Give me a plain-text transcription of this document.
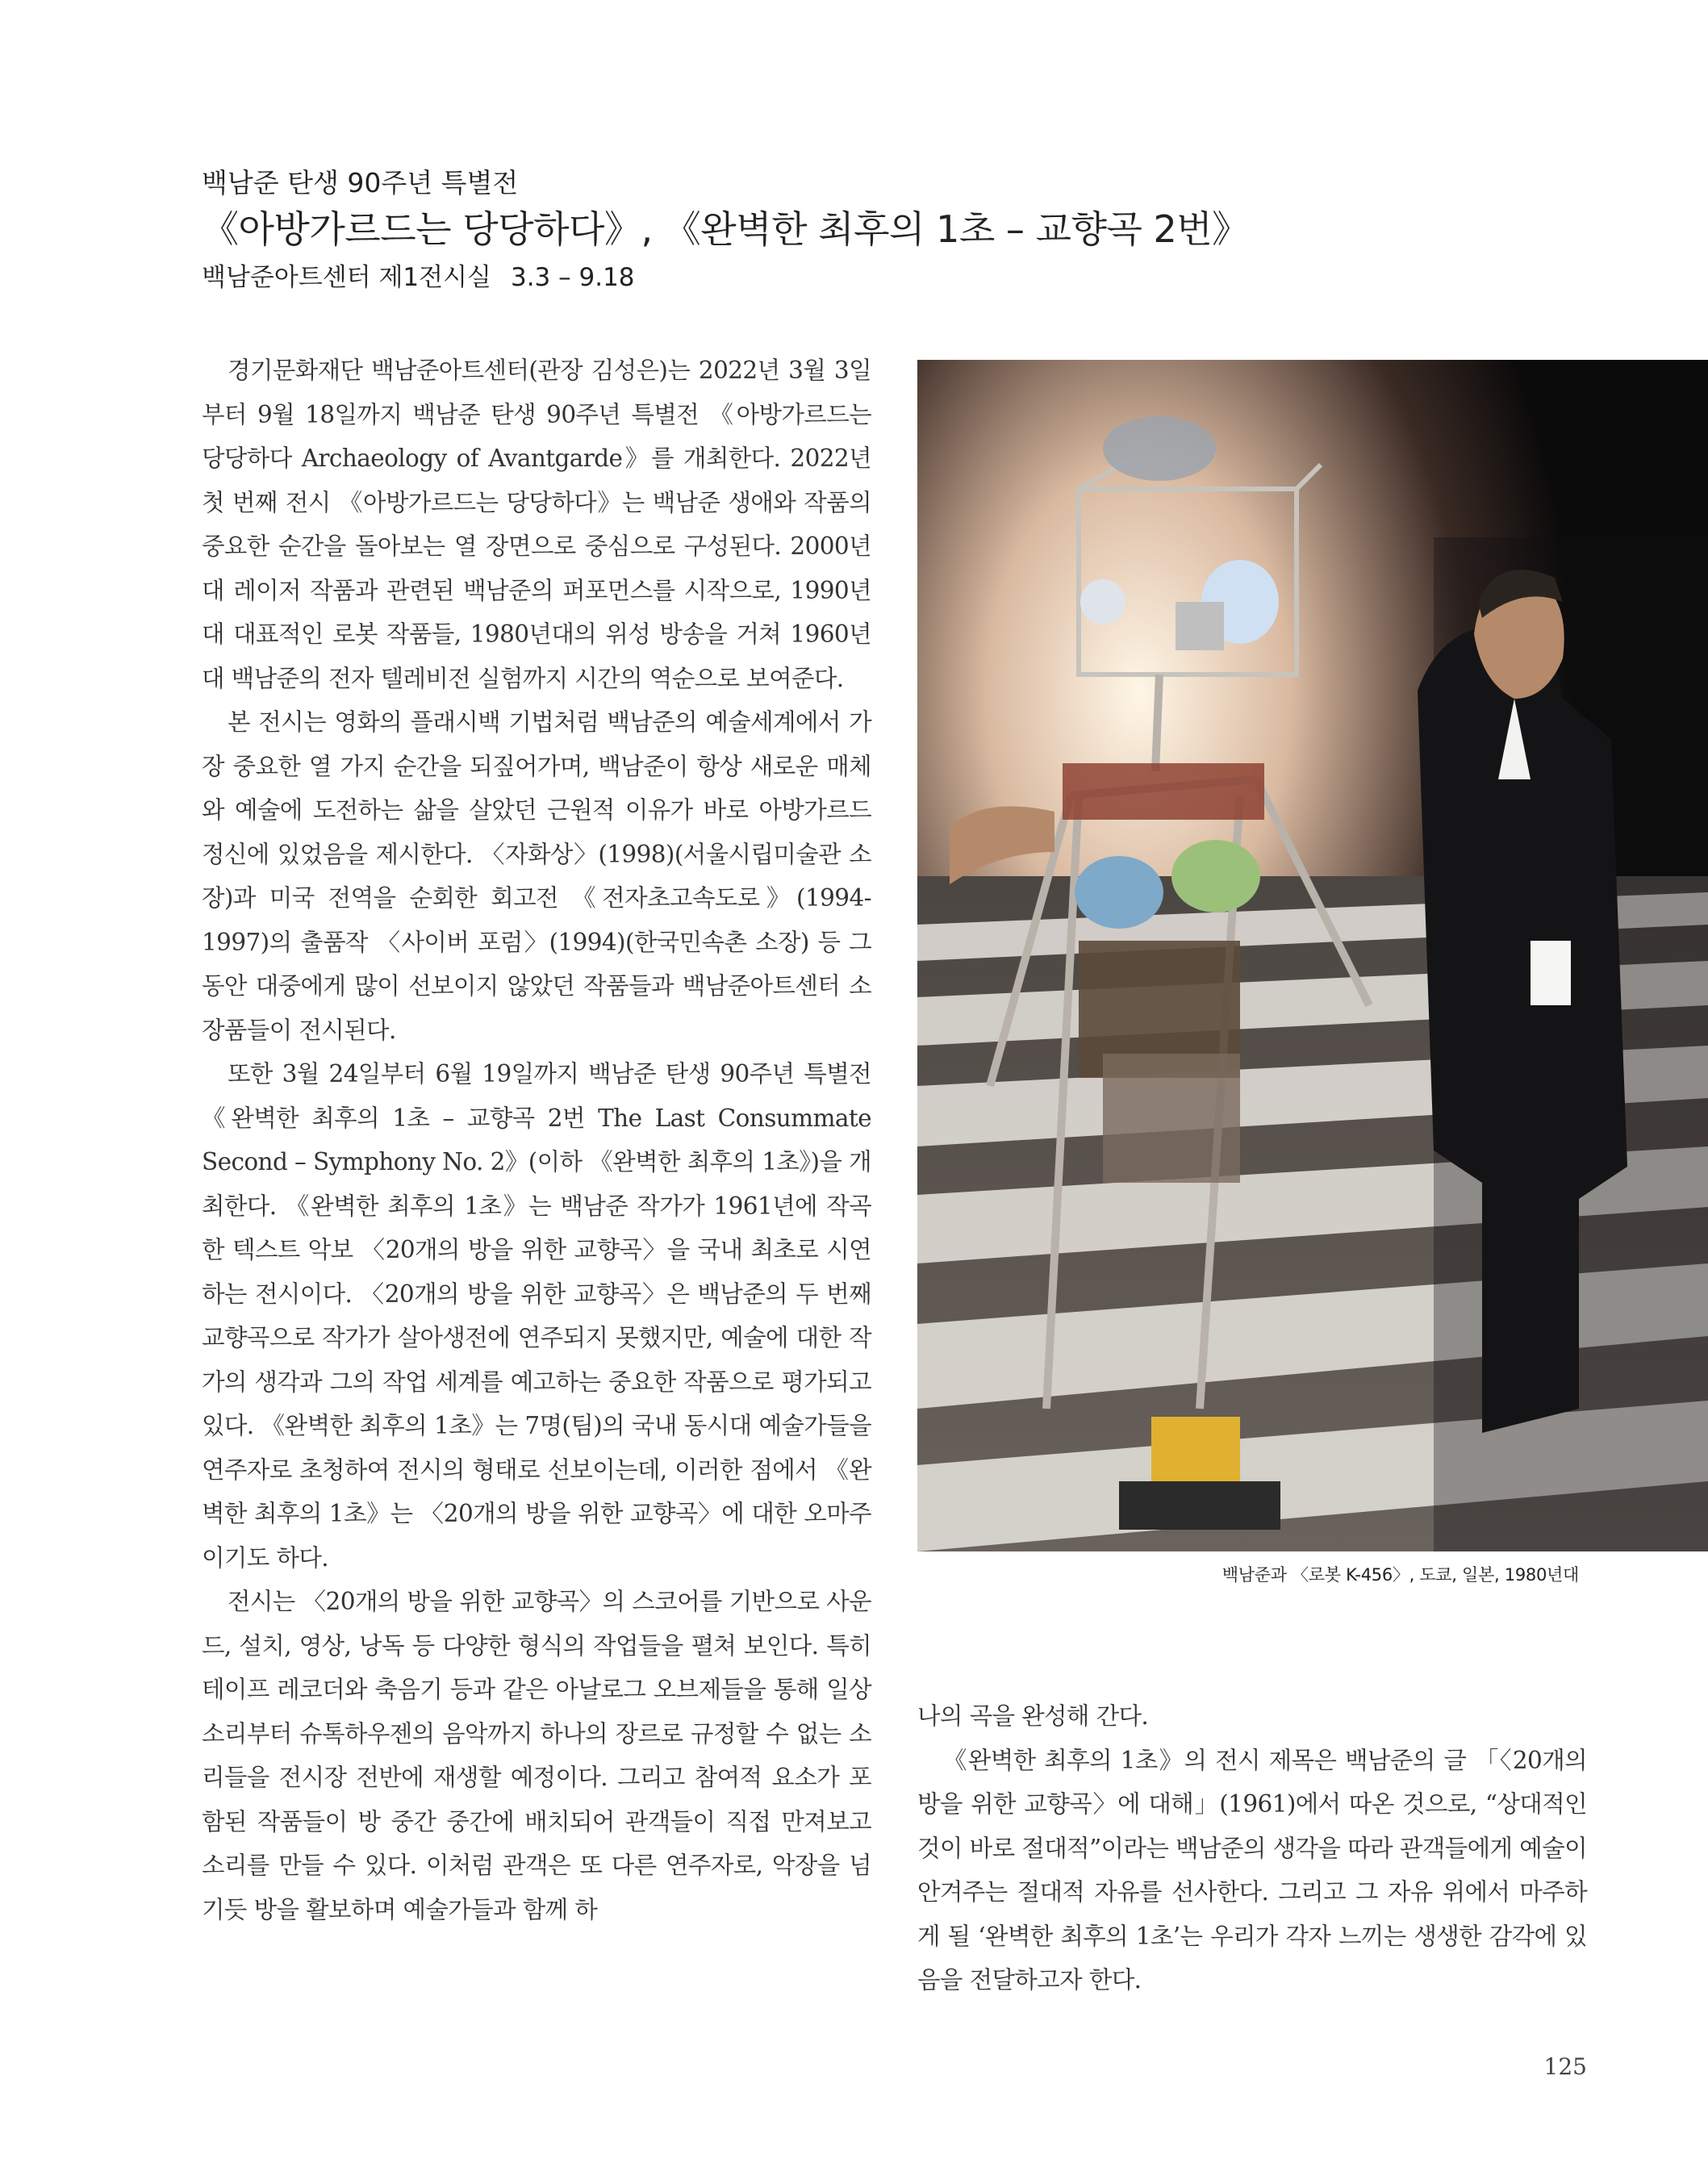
백남준 탄생 90주년 특별전

《아방가르드는 당당하다》, 《완벽한 최후의 1초 – 교향곡 2번》

백남준아트센터 제1전시실 3.3 – 9.18

경기문화재단 백남준아트센터(관장 김성은)는 2022년 3월 3일부터 9월 18일까지 백남준 탄생 90주년 특별전 《아방가르드는 당당하다 Archaeology of Avantgarde》를 개최한다. 2022년 첫 번째 전시 《아방가르드는 당당하다》는 백남준 생애와 작품의 중요한 순간을 돌아보는 열 장면으로 중심으로 구성된다. 2000년대 레이저 작품과 관련된 백남준의 퍼포먼스를 시작으로, 1990년대 대표적인 로봇 작품들, 1980년대의 위성 방송을 거쳐 1960년대 백남준의 전자 텔레비전 실험까지 시간의 역순으로 보여준다.

본 전시는 영화의 플래시백 기법처럼 백남준의 예술세계에서 가장 중요한 열 가지 순간을 되짚어가며, 백남준이 항상 새로운 매체와 예술에 도전하는 삶을 살았던 근원적 이유가 바로 아방가르드 정신에 있었음을 제시한다. 〈자화상〉(1998)(서울시립미술관 소장)과 미국 전역을 순회한 회고전 《전자초고속도로》(1994-1997)의 출품작 〈사이버 포럼〉(1994)(한국민속촌 소장) 등 그동안 대중에게 많이 선보이지 않았던 작품들과 백남준아트센터 소장품들이 전시된다.

또한 3월 24일부터 6월 19일까지 백남준 탄생 90주년 특별전 《완벽한 최후의 1초 – 교향곡 2번 The Last Consummate Second – Symphony No. 2》(이하 《완벽한 최후의 1초》)을 개최한다. 《완벽한 최후의 1초》는 백남준 작가가 1961년에 작곡한 텍스트 악보 〈20개의 방을 위한 교향곡〉을 국내 최초로 시연하는 전시이다. 〈20개의 방을 위한 교향곡〉은 백남준의 두 번째 교향곡으로 작가가 살아생전에 연주되지 못했지만, 예술에 대한 작가의 생각과 그의 작업 세계를 예고하는 중요한 작품으로 평가되고 있다. 《완벽한 최후의 1초》는 7명(팀)의 국내 동시대 예술가들을 연주자로 초청하여 전시의 형태로 선보이는데, 이러한 점에서 《완벽한 최후의 1초》는 〈20개의 방을 위한 교향곡〉에 대한 오마주이기도 하다.

전시는 〈20개의 방을 위한 교향곡〉의 스코어를 기반으로 사운드, 설치, 영상, 낭독 등 다양한 형식의 작업들을 펼쳐 보인다. 특히 테이프 레코더와 축음기 등과 같은 아날로그 오브제들을 통해 일상 소리부터 슈톡하우젠의 음악까지 하나의 장르로 규정할 수 없는 소리들을 전시장 전반에 재생할 예정이다. 그리고 참여적 요소가 포함된 작품들이 방 중간 중간에 배치되어 관객들이 직접 만져보고 소리를 만들 수 있다. 이처럼 관객은 또 다른 연주자로, 악장을 넘기듯 방을 활보하며 예술가들과 함께 하

백남준과 〈로봇 K-456〉, 도쿄, 일본, 1980년대

나의 곡을 완성해 간다.

《완벽한 최후의 1초》의 전시 제목은 백남준의 글 「〈20개의 방을 위한 교향곡〉에 대해」(1961)에서 따온 것으로, “상대적인 것이 바로 절대적”이라는 백남준의 생각을 따라 관객들에게 예술이 안겨주는 절대적 자유를 선사한다. 그리고 그 자유 위에서 마주하게 될 ‘완벽한 최후의 1초’는 우리가 각자 느끼는 생생한 감각에 있음을 전달하고자 한다.

125
